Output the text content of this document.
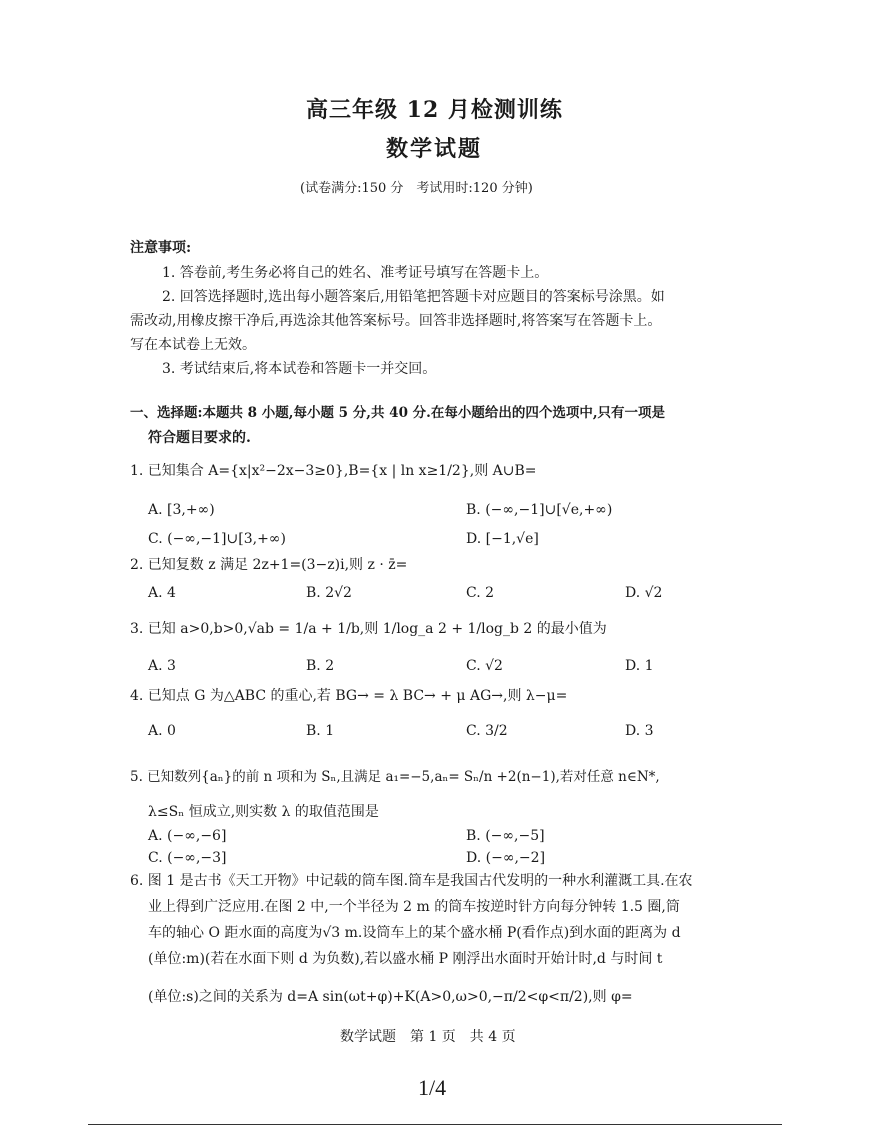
高三年级 12 月检测训练
数学试题
(试卷满分:150 分　考试用时:120 分钟)
注意事项:
1. 答卷前,考生务必将自己的姓名、准考证号填写在答题卡上。
2. 回答选择题时,选出每小题答案后,用铅笔把答题卡对应题目的答案标号涂黑。如
需改动,用橡皮擦干净后,再选涂其他答案标号。回答非选择题时,将答案写在答题卡上。
写在本试卷上无效。
3. 考试结束后,将本试卷和答题卡一并交回。
一、选择题:本题共 8 小题,每小题 5 分,共 40 分.在每小题给出的四个选项中,只有一项是
符合题目要求的.
1. 已知集合 A={x|x²−2x−3≥0},B={x | ln x≥1/2},则 A∪B=
A. [3,+∞)	B. (−∞,−1]∪[√e,+∞)
C. (−∞,−1]∪[3,+∞)	D. [−1,√e]
2. 已知复数 z 满足 2z+1=(3−z)i,则 z · z̄=
A. 4	B. 2√2	C. 2	D. √2
3. 已知 a>0,b>0,√ab = 1/a + 1/b,则 1/log_a 2 + 1/log_b 2 的最小值为
A. 3	B. 2	C. √2	D. 1
4. 已知点 G 为△ABC 的重心,若 BG→ = λ BC→ + μ AG→,则 λ−μ=
A. 0	B. 1	C. 3/2	D. 3
5. 已知数列{aₙ}的前 n 项和为 Sₙ,且满足 a₁=−5,aₙ= Sₙ/n +2(n−1),若对任意 n∈N*,
λ≤Sₙ 恒成立,则实数 λ 的取值范围是
A. (−∞,−6]	B. (−∞,−5]
C. (−∞,−3]	D. (−∞,−2]
6. 图 1 是古书《天工开物》中记载的筒车图.筒车是我国古代发明的一种水利灌溉工具.在农
业上得到广泛应用.在图 2 中,一个半径为 2 m 的筒车按逆时针方向每分钟转 1.5 圈,筒
车的轴心 O 距水面的高度为√3 m.设筒车上的某个盛水桶 P(看作点)到水面的距离为 d
(单位:m)(若在水面下则 d 为负数),若以盛水桶 P 刚浮出水面时开始计时,d 与时间 t
(单位:s)之间的关系为 d=A sin(ωt+φ)+K(A>0,ω>0,−π/2<φ<π/2),则 φ=
数学试题　第 1 页　共 4 页
1/4
